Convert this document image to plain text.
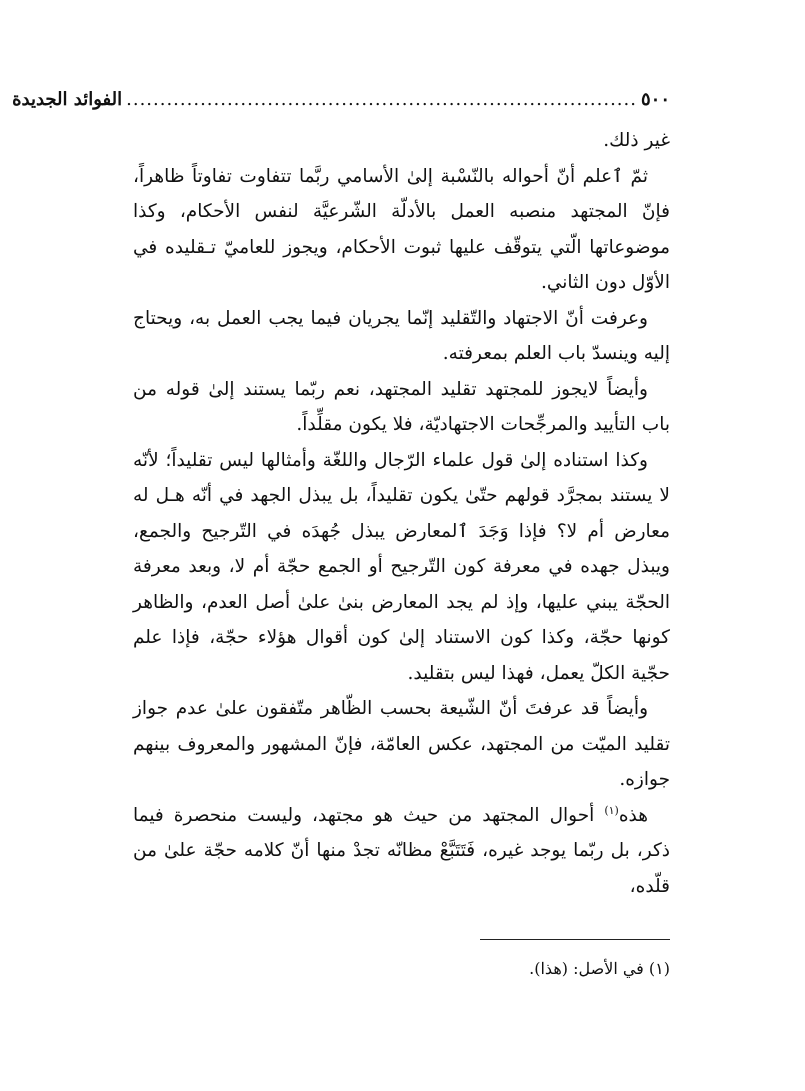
٥٠٠
............................................................................
الفوائد الجديدة

غير ذلك.

ثمّ ٱعلم أنّ أحواله بالنّسْبة إلىٰ الأسامي ربَّما تتفاوت تفاوتاً ظاهراً، فإنّ المجتهد منصبه العمل بالأدلّة الشّرعيَّة لنفس الأحكام، وكذا موضوعاتها الّتي يتوقّف عليها ثبوت الأحكام، ويجوز للعاميّ تـقليده في الأوّل دون الثاني.

وعرفت أنّ الاجتهاد والتّقليد إنّما يجريان فيما يجب العمل به، ويحتاج إليه وينسدّ باب العلم بمعرفته.

وأيضاً لايجوز للمجتهد تقليد المجتهد، نعم ربّما يستند إلىٰ قوله من باب التأييد والمرجِّحات الاجتهاديّة، فلا يكون مقلِّداً.

وكذا استناده إلىٰ قول علماء الرّجال واللغّة وأمثالها ليس تقليداً؛ لأنّه لا يستند بمجرَّد قولهم حتّىٰ يكون تقليداً، بل يبذل الجهد في أنّه هـل له معارض أم لا؟ فإذا وَجَدَ ٱلمعارض يبذل جُهدَه في التّرجيح والجمع، ويبذل جهده في معرفة كون التّرجيح أو الجمع حجّة أم لا، وبعد معرفة الحجّة يبني عليها، وإذ لم يجد المعارض بنىٰ علىٰ أصل العدم، والظاهر كونها حجّة، وكذا كون الاستناد إلىٰ كون أقوال هؤلاء حجّة، فإذا علم حجّية الكلّ يعمل، فهذا ليس بتقليد.

وأيضاً قد عرفتَ أنّ الشّيعة بحسب الظّاهر متّفقون علىٰ عدم جواز تقليد الميّت من المجتهد، عكس العامّة، فإنّ المشهور والمعروف بينهم جوازه.

هذه$^{(١)}$ أحوال المجتهد من حيث هو مجتهد، وليست منحصرة فيما ذكر، بل ربّما يوجد غيره، فَتَتَبَّعْ مظانّه تجدْ منها أنّ كلامه حجّة علىٰ من قلّده،

(١) في الأصل: (هذا).
